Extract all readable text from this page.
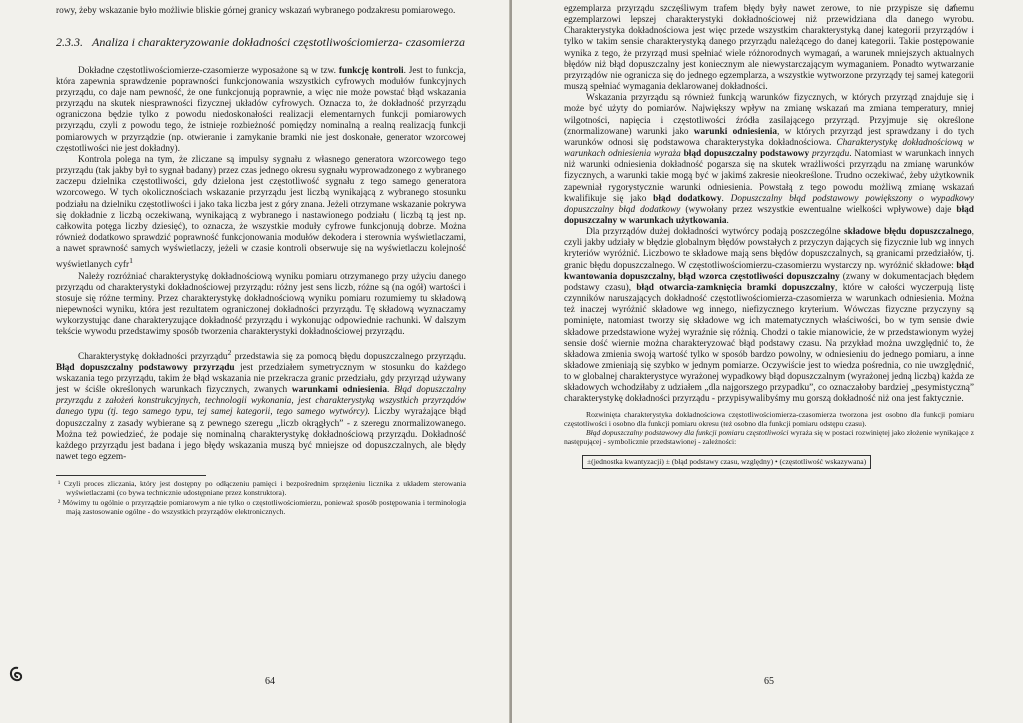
rowy, żeby wskazanie było możliwie bliskie górnej granicy wskazań wybranego podzakresu pomiarowego.

2.3.3. Analiza i charakteryzowanie dokładności częstotliwościomierza- czasomierza

Dokładne częstotliwościomierze-czasomierze wyposażone są w tzw. funkcję kontroli. Jest to funkcja, która zapewnia sprawdzenie poprawności funkcjonowania wszystkich cyfrowych modułów funkcyjnych przyrządu, co daje nam pewność, że one funkcjonują poprawnie, a więc nie może powstać błąd wskazania przyrządu na skutek niesprawności fizycznej układów cyfrowych. Oznacza to, że dokładność przyrządu ograniczona będzie tylko z powodu niedoskonałości realizacji elementarnych funkcji pomiarowych przyrządu, czyli z powodu tego, że istnieje rozbieżność pomiędzy nominalną a realną realizacją funkcji pomiarowych w przyrządzie (np. otwieranie i zamykanie bramki nie jest doskonałe, generator wzorcowej częstotliwości nie jest dokładny).

Kontrola polega na tym, że zliczane są impulsy sygnału z własnego generatora wzorcowego tego przyrządu (tak jakby był to sygnał badany) przez czas jednego okresu sygnału wyprowadzonego z wybranego zaczepu dzielnika częstotliwości, gdy dzielona jest częstotliwość sygnału z tego samego generatora wzorcowego. W tych okolicznościach wskazanie przyrządu jest liczbą wynikającą z wybranego stosunku podziału na dzielniku częstotliwości i jako taka liczba jest z góry znana. Jeżeli otrzymane wskazanie pokrywa się dokładnie z liczbą oczekiwaną, wynikającą z wybranego i nastawionego podziału ( liczbą tą jest np. całkowita potęga liczby dziesięć), to oznacza, że wszystkie moduły cyfrowe funkcjonują dobrze. Można również dodatkowo sprawdzić poprawność funkcjonowania modułów dekodera i sterownia wyświetlaczami, a nawet sprawność samych wyświetlaczy, jeżeli w czasie kontroli obserwuje się na wyświetlaczu kolejność wyświetlanych cyfr$^1$

Należy rozróżniać charakterystykę dokładnościową wyniku pomiaru otrzymanego przy użyciu danego przyrządu od charakterystyki dokładnościowej przyrządu: różny jest sens liczb, różne są (na ogół) wartości i stosuje się różne terminy. Przez charakterystykę dokładnościową wyniku pomiaru rozumiemy tu składową niepewności wyniku, która jest rezultatem ograniczonej dokładności przyrządu. Tę składową wyznaczamy wykorzystując dane charakteryzujące dokładność przyrządu i wykonując odpowiednie rachunki. W dalszym tekście wywodu przedstawimy sposób tworzenia charakterystyki dokładnościowej przyrządu.

Charakterystykę dokładności przyrządu$^2$ przedstawia się za pomocą błędu dopuszczalnego przyrządu. Błąd dopuszczalny podstawowy przyrządu jest przedziałem symetrycznym w stosunku do każdego wskazania tego przyrządu, takim że błąd wskazania nie przekracza granic przedziału, gdy przyrząd używany jest w ściśle określonych warunkach fizycznych, zwanych warunkami odniesienia. Błąd dopuszczalny przyrządu z założeń konstrukcyjnych, technologii wykonania, jest charakterystyką wszystkich przyrządów danego typu (tj. tego samego typu, tej samej kategorii, tego samego wytwórcy). Liczby wyrażające błąd dopuszczalny z zasady wybierane są z pewnego szeregu „liczb okrągłych” - z szeregu znormalizowanego. Można też powiedzieć, że podaje się nominalną charakterystykę dokładnościową przyrządu. Dokładność każdego przyrządu jest badana i jego błędy wskazania muszą być mniejsze od dopuszczalnych, ale błędy nawet tego egzem-

¹ Czyli proces zliczania, który jest dostępny po odłączeniu pamięci i bezpośrednim sprzężeniu licznika z układem sterowania wyświetlaczami (co bywa technicznie udostępniane przez konstruktora).

² Mówimy tu ogólnie o przyrządzie pomiarowym a nie tylko o częstotliwościomierzu, ponieważ sposób postępowania i terminologia mają zastosowanie ogólne - do wszystkich przyrządów elektronicznych.

64

egzemplarza przyrządu szczęśliwym trafem błędy były nawet zerowe, to nie przypisze się danemu egzemplarzowi lepszej charakterystyki dokładnościowej niż przewidziana dla danego wyrobu. Charakterystyka dokładnościowa jest więc przede wszystkim charakterystyką danej kategorii przyrządów i tylko w takim sensie charakterystyką danego przyrządu należącego do danej kategorii. Takie postępowanie wynika z tego, że przyrząd musi spełniać wiele różnorodnych wymagań, a warunek mniejszych aktualnych błędów niż błąd dopuszczalny jest koniecznym ale niewystarczającym wymaganiem. Ponadto wytwarzanie przyrządów nie ogranicza się do jednego egzemplarza, a wszystkie wytworzone przyrządy tej samej kategorii muszą spełniać wymagania deklarowanej dokładności.

Wskazania przyrządu są również funkcją warunków fizycznych, w których przyrząd znajduje się i może być użyty do pomiarów. Największy wpływ na zmianę wskazań ma zmiana temperatury, mniej wilgotności, napięcia i częstotliwości źródła zasilającego przyrząd. Przyjmuje się określone (znormalizowane) warunki jako warunki odniesienia, w których przyrząd jest sprawdzany i do tych warunków odnosi się podstawowa charakterystyka dokładnościowa. Charakterystykę dokładnościową w warunkach odniesienia wyraża błąd dopuszczalny podstawowy przyrządu. Natomiast w warunkach innych niż warunki odniesienia dokładność pogarsza się na skutek wrażliwości przyrządu na zmianę warunków fizycznych, a warunki takie mogą być w jakimś zakresie nieokreślone. Trudno oczekiwać, żeby użytkownik zapewniał rygorystycznie warunki odniesienia. Powstałą z tego powodu możliwą zmianę wskazań kwalifikuje się jako błąd dodatkowy. Dopuszczalny błąd podstawowy powiększony o wypadkowy dopuszczalny błąd dodatkowy (wywołany przez wszystkie ewentualne wielkości wpływowe) daje błąd dopuszczalny w warunkach użytkowania.

Dla przyrządów dużej dokładności wytwórcy podają poszczególne składowe błędu dopuszczalnego, czyli jakby udziały w błędzie globalnym błędów powstałych z przyczyn dających się fizycznie lub wg innych kryteriów wyróżnić. Liczbowo te składowe mają sens błędów dopuszczalnych, są granicami przedziałów, tj. granic błędu dopuszczalnego. W częstotliwościomierzu-czasomierzu wystarczy np. wyróżnić składowe: błąd kwantowania dopuszczalny, błąd wzorca częstotliwości dopuszczalny (zwany w dokumentacjach błędem podstawy czasu), błąd otwarcia-zamknięcia bramki dopuszczalny, które w całości wyczerpują listę czynników naruszających dokładność częstotliwościomierza-czasomierza w warunkach odniesienia. Można też inaczej wyróżnić składowe wg innego, niefizycznego kryterium. Wówczas fizyczne przyczyny są pominięte, natomiast tworzy się składowe wg ich matematycznych właściwości, bo w tym sensie dwie składowe przedstawione wyżej wyraźnie się różnią. Chodzi o takie mianowicie, że w przedstawionym wyżej sensie dość wiernie można charakteryzować błąd podstawy czasu. Na przykład można uwzględnić to, że składowa zmienia swoją wartość tylko w sposób bardzo powolny, w odniesieniu do jednego pomiaru, a inne składowe zmieniają się szybko w jednym pomiarze. Oczywiście jest to wiedza pośrednia, co nie uwzględnić, to w globalnej charakterystyce wyrażonej wypadkowy błąd dopuszczalnym (wyrażonej jedną liczbą) każda ze składowych wchodziłaby z udziałem „dla najgorszego przypadku”, co oznaczałoby bardziej „pesymistyczną” charakterystykę dokładności przyrządu - przypisywalibyśmy mu gorszą dokładność niż ona jest faktycznie.

Rozwinięta charakterystyka dokładnościowa częstotliwościomierza-czasomierza tworzona jest osobno dla funkcji pomiaru częstotliwości i osobno dla funkcji pomiaru okresu (też osobno dla funkcji pomiaru odstępu czasu).

Błąd dopuszczalny podstawowy dla funkcji pomiaru częstotliwości wyraża się w postaci rozwiniętej jako złożenie wynikające z następującej - symbolicznie przedstawionej - zależności:

±(jednostka kwantyzacji) ± (błąd podstawy czasu, względny) • (częstotliwość wskazywana)
65
